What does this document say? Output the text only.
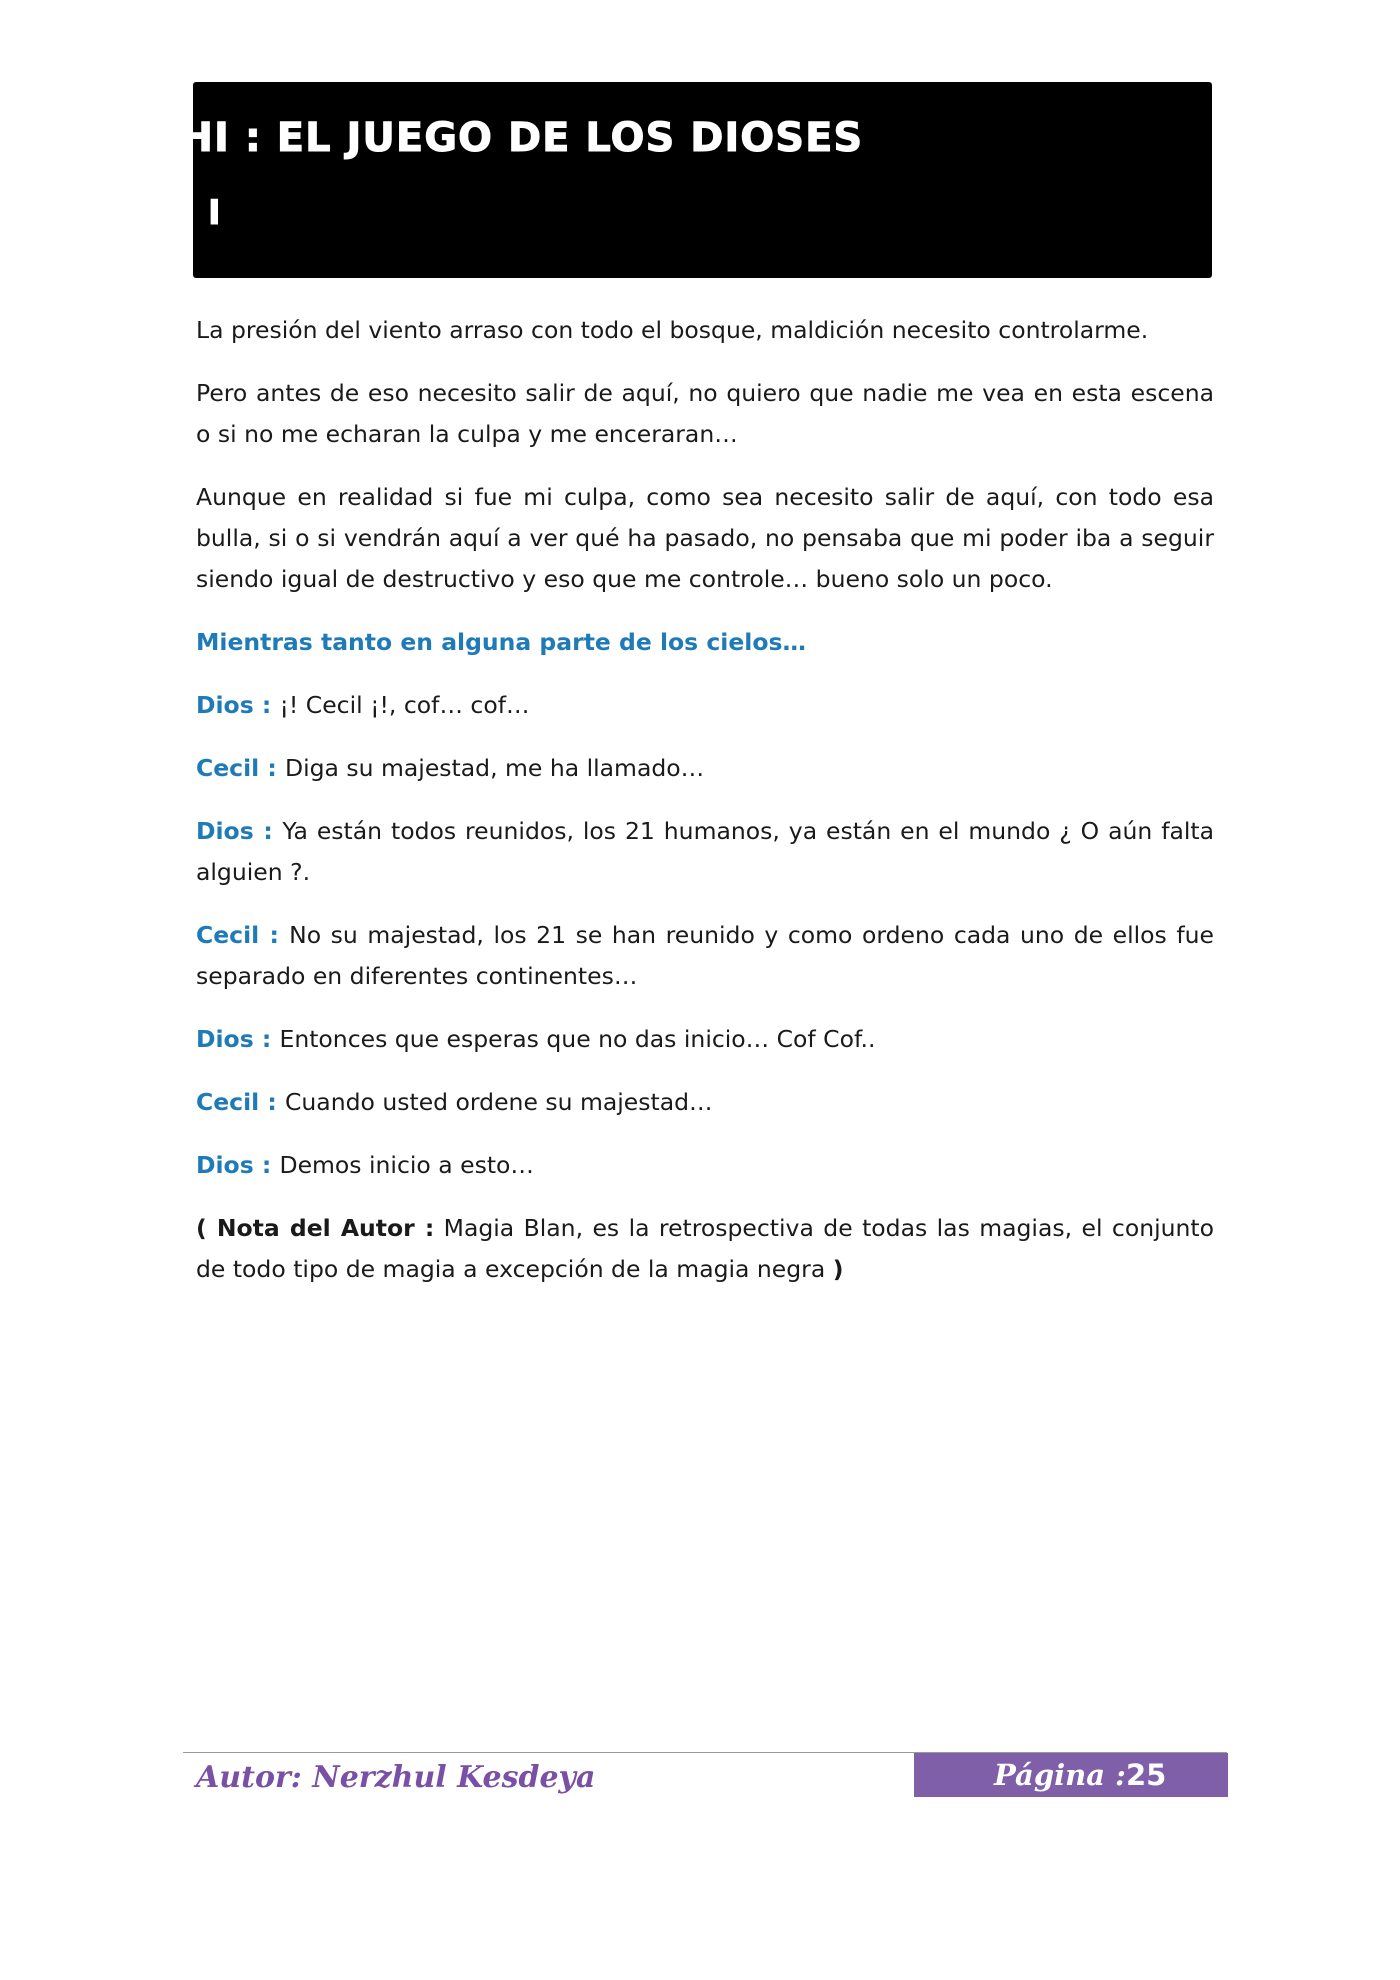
ATARASHI : EL JUEGO DE LOS DIOSES
VOLUMEN I

La presión del viento arraso con todo el bosque, maldición necesito controlarme.

Pero antes de eso necesito salir de aquí, no quiero que nadie me vea en esta escena o si no me echaran la culpa y me enceraran…

Aunque en realidad si fue mi culpa, como sea necesito salir de aquí, con todo esa bulla, si o si vendrán aquí a ver qué ha pasado, no pensaba que mi poder iba a seguir siendo igual de destructivo y eso que me controle… bueno solo un poco.

Mientras tanto en alguna parte de los cielos…

Dios : ¡! Cecil ¡!, cof… cof…

Cecil : Diga su majestad, me ha llamado…

Dios : Ya están todos reunidos, los 21 humanos, ya están en el mundo ¿ O aún falta alguien ?.

Cecil : No su majestad, los 21 se han reunido y como ordeno cada uno de ellos fue separado en diferentes continentes…

Dios : Entonces que esperas que no das inicio… Cof Cof..

Cecil : Cuando usted ordene su majestad…

Dios : Demos inicio a esto…

( Nota del Autor : Magia Blan, es la retrospectiva de todas las magias, el conjunto de todo tipo de magia a excepción de la magia negra )

Autor: Nerzhul Kesdeya	Página : 25
